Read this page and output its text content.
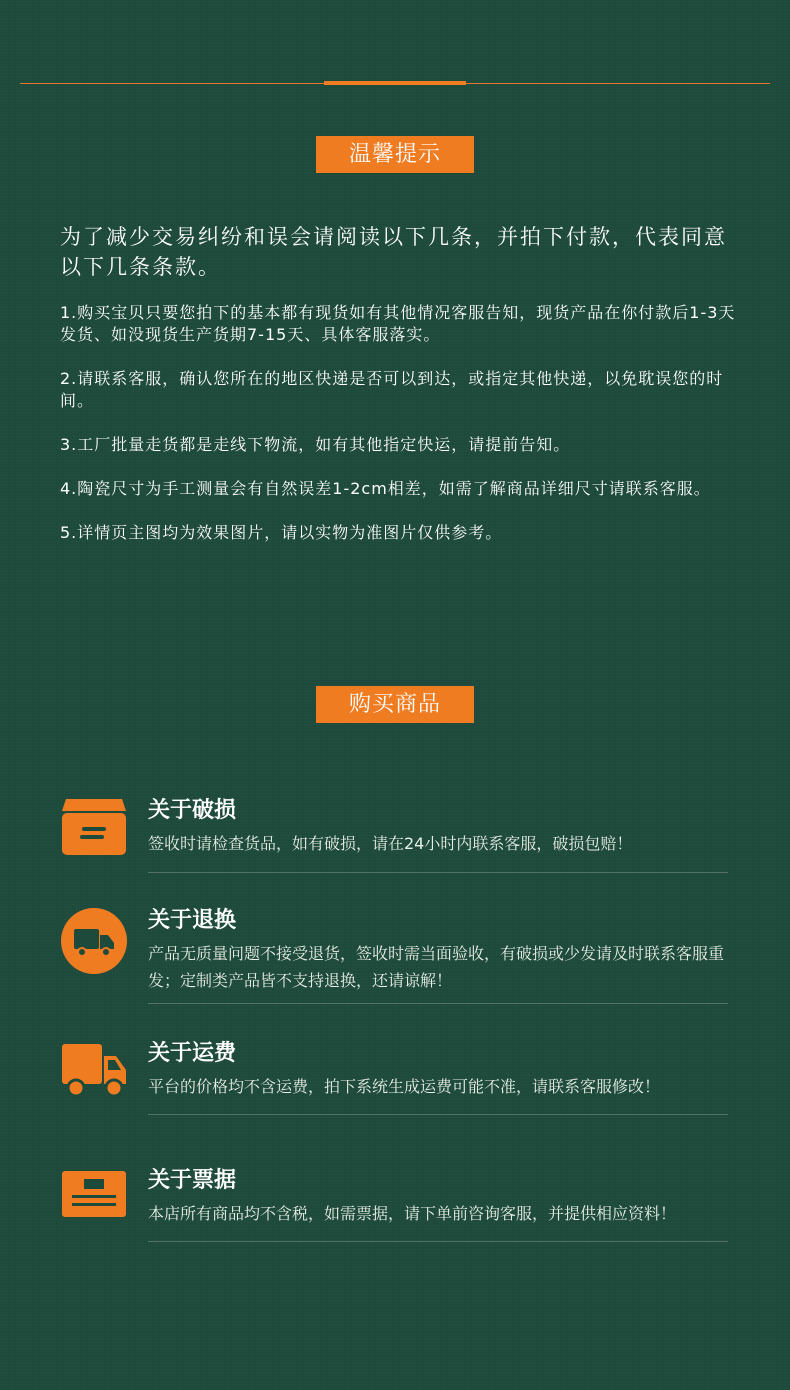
温馨提示
为了减少交易纠纷和误会请阅读以下几条，并拍下付款，代表同意以下几条条款。
1.购买宝贝只要您拍下的基本都有现货如有其他情况客服告知，现货产品在你付款后1-3天发货、如没现货生产货期7-15天、具体客服落实。
2.请联系客服，确认您所在的地区快递是否可以到达，或指定其他快递，以免耽误您的时间。
3.工厂批量走货都是走线下物流，如有其他指定快运，请提前告知。
4.陶瓷尺寸为手工测量会有自然误差1-2cm相差，如需了解商品详细尺寸请联系客服。
5.详情页主图均为效果图片，请以实物为准图片仅供参考。
购买商品
关于破损
签收时请检查货品，如有破损，请在24小时内联系客服，破损包赔！
关于退换
产品无质量问题不接受退货，签收时需当面验收，有破损或少发请及时联系客服重发；定制类产品皆不支持退换，还请谅解！
关于运费
平台的价格均不含运费，拍下系统生成运费可能不准，请联系客服修改！
关于票据
本店所有商品均不含税，如需票据，请下单前咨询客服，并提供相应资料！
